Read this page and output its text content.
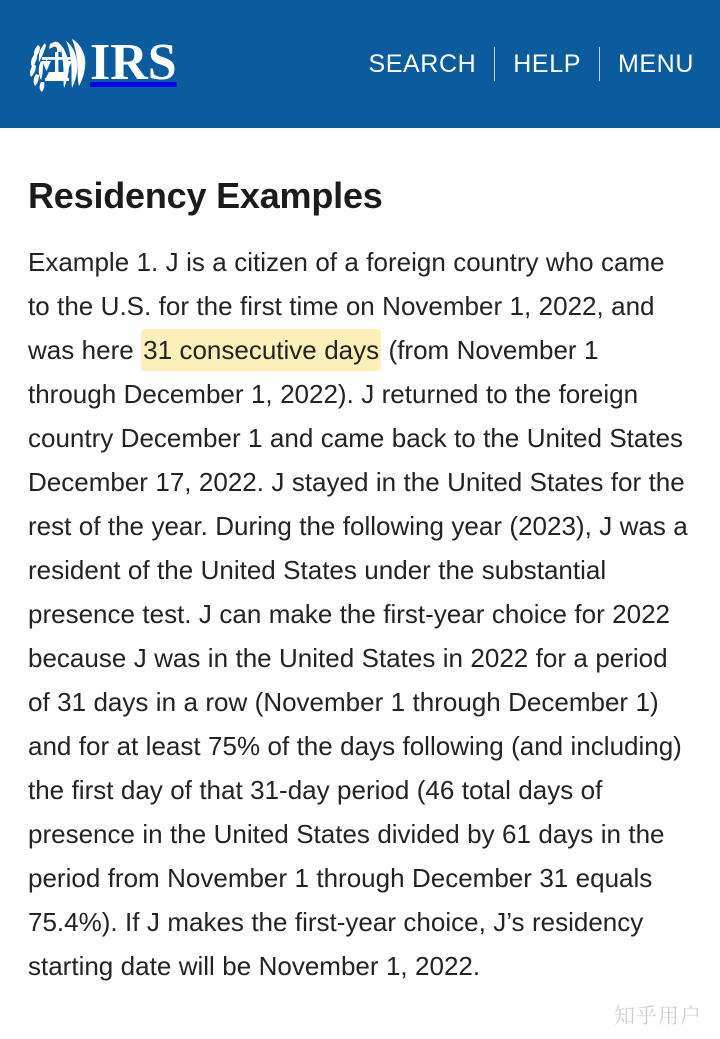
IRS	SEARCH	HELP	MENU
Residency Examples

Example 1. J is a citizen of a foreign country who came to the U.S. for the first time on November 1, 2022, and was here 31 consecutive days (from November 1 through December 1, 2022). J returned to the foreign country December 1 and came back to the United States December 17, 2022. J stayed in the United States for the rest of the year. During the following year (2023), J was a resident of the United States under the substantial presence test. J can make the first-year choice for 2022 because J was in the United States in 2022 for a period of 31 days in a row (November 1 through December 1) and for at least 75% of the days following (and including) the first day of that 31-day period (46 total days of presence in the United States divided by 61 days in the period from November 1 through December 31 equals 75.4%). If J makes the first-year choice, J’s residency starting date will be November 1, 2022.

知乎用户
